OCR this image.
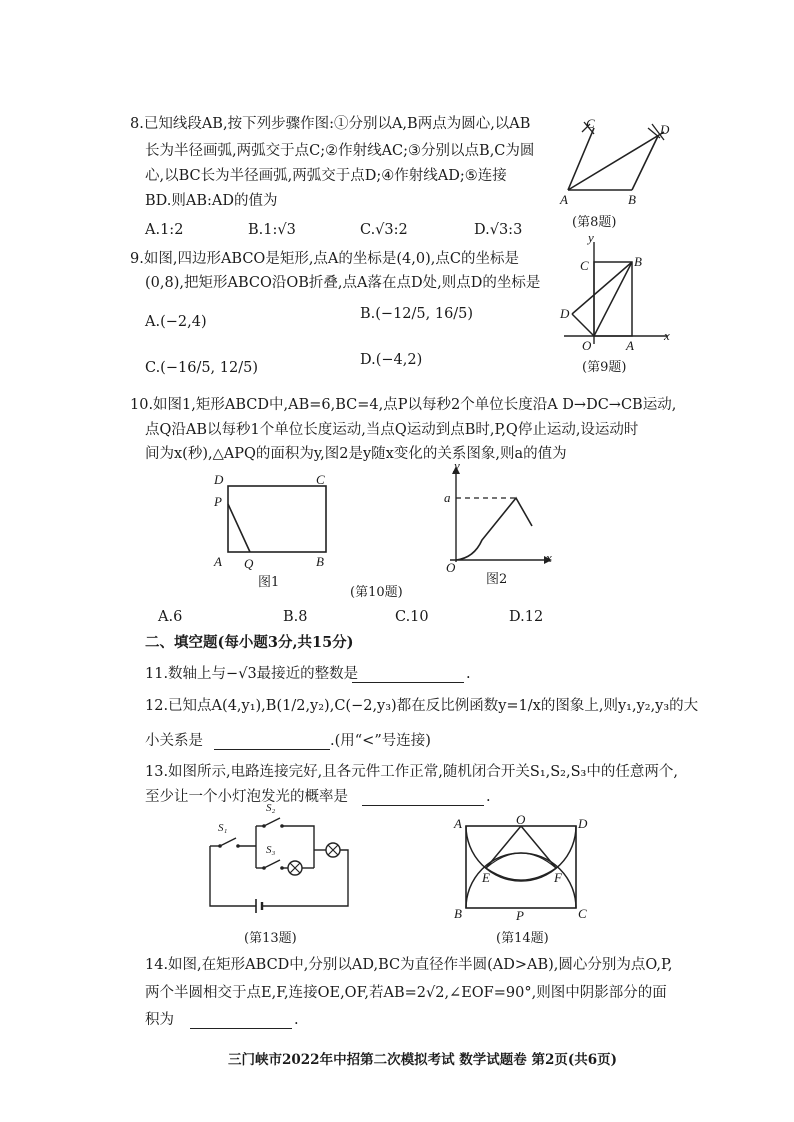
8.已知线段AB,按下列步骤作图:①分别以A,B两点为圆心,以AB
长为半径画弧,两弧交于点C;②作射线AC;③分别以点B,C为圆
心,以BC长为半径画弧,两弧交于点D;④作射线AD;⑤连接
BD.则AB:AD的值为
A.1:2	B.1:√3	C.√3:2	D.√3:3
C	D
A	B
(第8题)
9.如图,四边形ABCO是矩形,点A的坐标是(4,0),点C的坐标是
(0,8),把矩形ABCO沿OB折叠,点A落在点D处,则点D的坐标是
A.(−2,4)	B.(−12/5, 16/5)
C.(−16/5, 12/5)	D.(−4,2)
y
C	B
D
O	A
x
(第9题)
10.如图1,矩形ABCD中,AB=6,BC=4,点P以每秒2个单位长度沿A D→DC→CB运动,
点Q沿AB以每秒1个单位长度运动,当点Q运动到点B时,P,Q停止运动,设运动时
间为x(秒),△APQ的面积为y,图2是y随x变化的关系图象,则a的值为
D	C
P
A Q	B
图1
(第10题)
y
a
O
x
图2
A.6	B.8	C.10	D.12
二、填空题(每小题3分,共15分)
11.数轴上与−√3最接近的整数是	.
12.已知点A(4,y₁),B(1/2,y₂),C(−2,y₃)都在反比例函数y=1/x的图象上,则y₁,y₂,y₃的大
小关系是	.(用“<”号连接)
13.如图所示,电路连接完好,且各元件工作正常,随机闭合开关S₁,S₂,S₃中的任意两个,
至少让一个小灯泡发光的概率是	.
S₁
S₂
S₃
(第13题)
A	O	D
E	F
B	P	C
(第14题)
14.如图,在矩形ABCD中,分别以AD,BC为直径作半圆(AD>AB),圆心分别为点O,P,
两个半圆相交于点E,F,连接OE,OF,若AB=2√2,∠EOF=90°,则图中阴影部分的面
积为	.
三门峡市2022年中招第二次模拟考试 数学试题卷 第2页(共6页)
